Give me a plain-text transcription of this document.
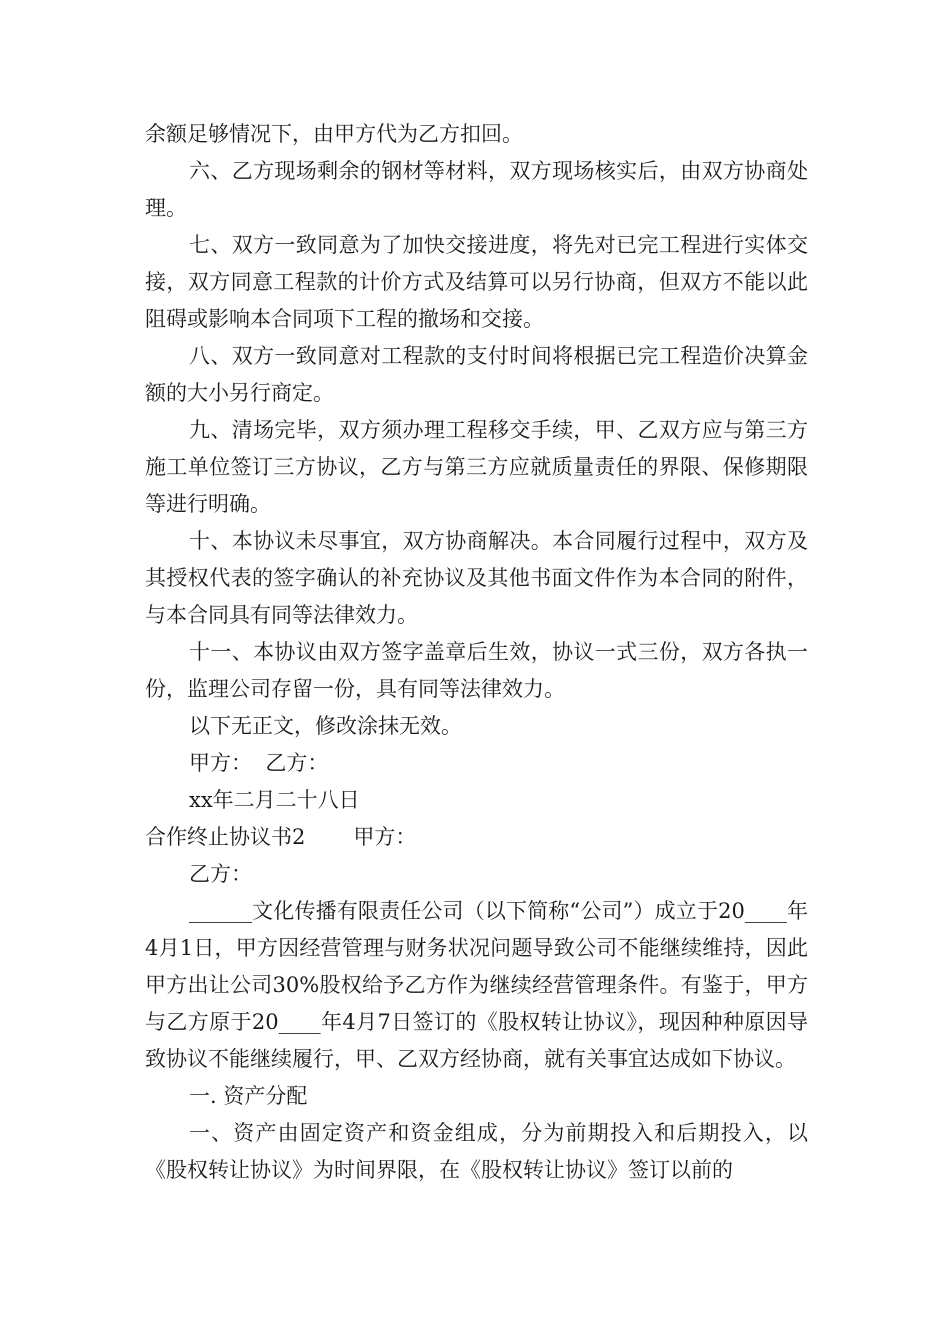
余额足够情况下，由甲方代为乙方扣回。

六、乙方现场剩余的钢材等材料，双方现场核实后，由双方协商处理。

七、双方一致同意为了加快交接进度，将先对已完工程进行实体交接，双方同意工程款的计价方式及结算可以另行协商，但双方不能以此阻碍或影响本合同项下工程的撤场和交接。

八、双方一致同意对工程款的支付时间将根据已完工程造价决算金额的大小另行商定。

九、清场完毕，双方须办理工程移交手续，甲、乙双方应与第三方施工单位签订三方协议，乙方与第三方应就质量责任的界限、保修期限等进行明确。

十、本协议未尽事宜，双方协商解决。本合同履行过程中，双方及其授权代表的签字确认的补充协议及其他书面文件作为本合同的附件，与本合同具有同等法律效力。

十一、本协议由双方签字盖章后生效，协议一式三份，双方各执一份，监理公司存留一份，具有同等法律效力。

以下无正文，修改涂抹无效。

甲方：  乙方：

xx年二月二十八日

合作终止协议书2 甲方：

乙方：

______文化传播有限责任公司（以下简称“公司”）成立于20____年4月1日，甲方因经营管理与财务状况问题导致公司不能继续维持，因此甲方出让公司30%股权给予乙方作为继续经营管理条件。有鉴于，甲方与乙方原于20____年4月7日签订的《股权转让协议》，现因种种原因导致协议不能继续履行，甲、乙双方经协商，就有关事宜达成如下协议。

一. 资产分配

一、资产由固定资产和资金组成，分为前期投入和后期投入，以《股权转让协议》为时间界限，在《股权转让协议》签订以前的
